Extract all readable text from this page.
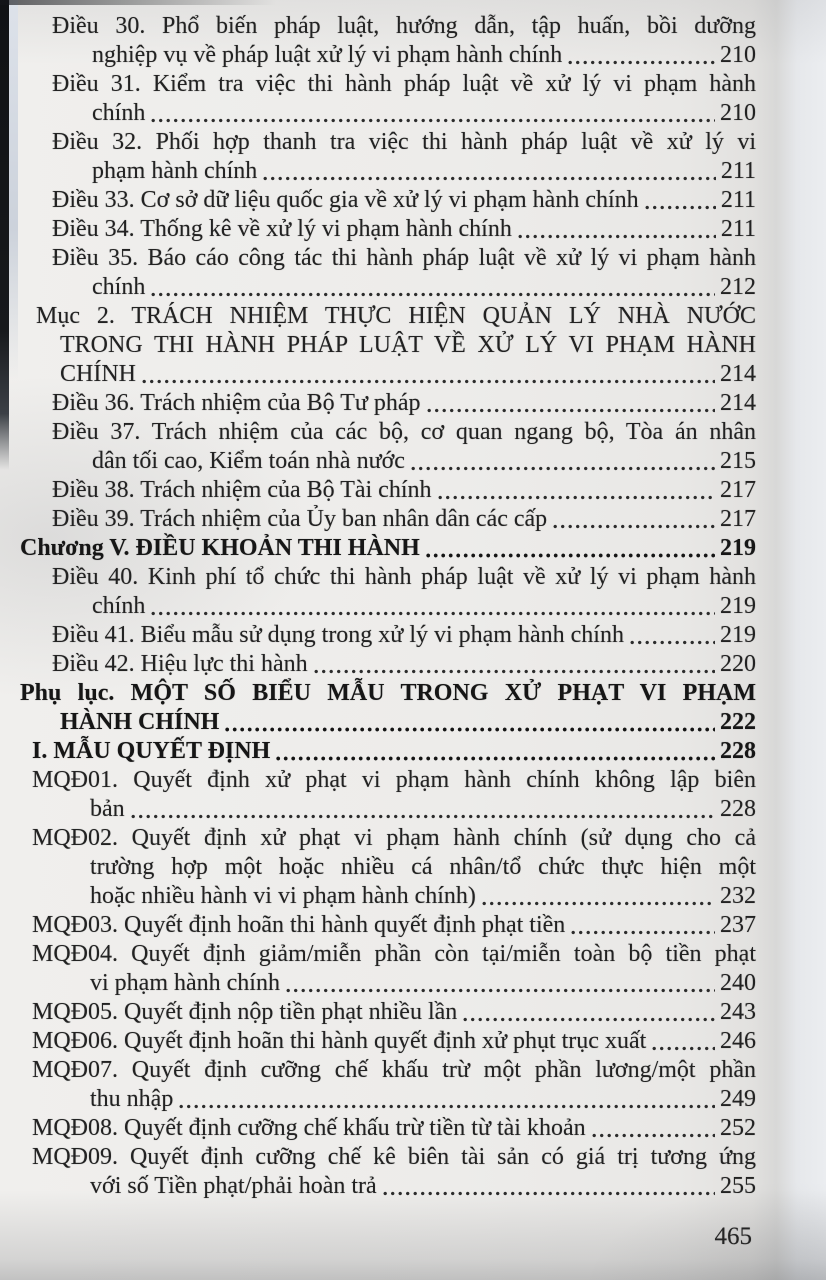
Điều 30. Phổ biến pháp luật, hướng dẫn, tập huấn, bồi dưỡng
nghiệp vụ về pháp luật xử lý vi phạm hành chính	210
Điều 31. Kiểm tra việc thi hành pháp luật về xử lý vi phạm hành
chính	210
Điều 32. Phối hợp thanh tra việc thi hành pháp luật về xử lý vi
phạm hành chính	211
Điều 33. Cơ sở dữ liệu quốc gia về xử lý vi phạm hành chính	211
Điều 34. Thống kê về xử lý vi phạm hành chính	211
Điều 35. Báo cáo công tác thi hành pháp luật về xử lý vi phạm hành
chính	212
Mục 2. TRÁCH NHIỆM THỰC HIỆN QUẢN LÝ NHÀ NƯỚC
TRONG THI HÀNH PHÁP LUẬT VỀ XỬ LÝ VI PHẠM HÀNH
CHÍNH	214
Điều 36. Trách nhiệm của Bộ Tư pháp	214
Điều 37. Trách nhiệm của các bộ, cơ quan ngang bộ, Tòa án nhân
dân tối cao, Kiểm toán nhà nước	215
Điều 38. Trách nhiệm của Bộ Tài chính	217
Điều 39. Trách nhiệm của Ủy ban nhân dân các cấp	217
Chương V. ĐIỀU KHOẢN THI HÀNH	219
Điều 40. Kinh phí tổ chức thi hành pháp luật về xử lý vi phạm hành
chính	219
Điều 41. Biểu mẫu sử dụng trong xử lý vi phạm hành chính	219
Điều 42. Hiệu lực thi hành	220
Phụ lục. MỘT SỐ BIỂU MẪU TRONG XỬ PHẠT VI PHẠM
HÀNH CHÍNH	222
I. MẪU QUYẾT ĐỊNH	228
MQĐ01. Quyết định xử phạt vi phạm hành chính không lập biên
bản	228
MQĐ02. Quyết định xử phạt vi phạm hành chính (sử dụng cho cả
trường hợp một hoặc nhiều cá nhân/tổ chức thực hiện một
hoặc nhiều hành vi vi phạm hành chính)	232
MQĐ03. Quyết định hoãn thi hành quyết định phạt tiền	237
MQĐ04. Quyết định giảm/miễn phần còn tại/miễn toàn bộ tiền phạt
vi phạm hành chính	240
MQĐ05. Quyết định nộp tiền phạt nhiều lần	243
MQĐ06. Quyết định hoãn thi hành quyết định xử phụt trục xuất	246
MQĐ07. Quyết định cưỡng chế khấu trừ một phần lương/một phần
thu nhập	249
MQĐ08. Quyết định cưỡng chế khấu trừ tiền từ tài khoản	252
MQĐ09. Quyết định cưỡng chế kê biên tài sản có giá trị tương ứng
với số Tiền phạt/phải hoàn trả	255
465
